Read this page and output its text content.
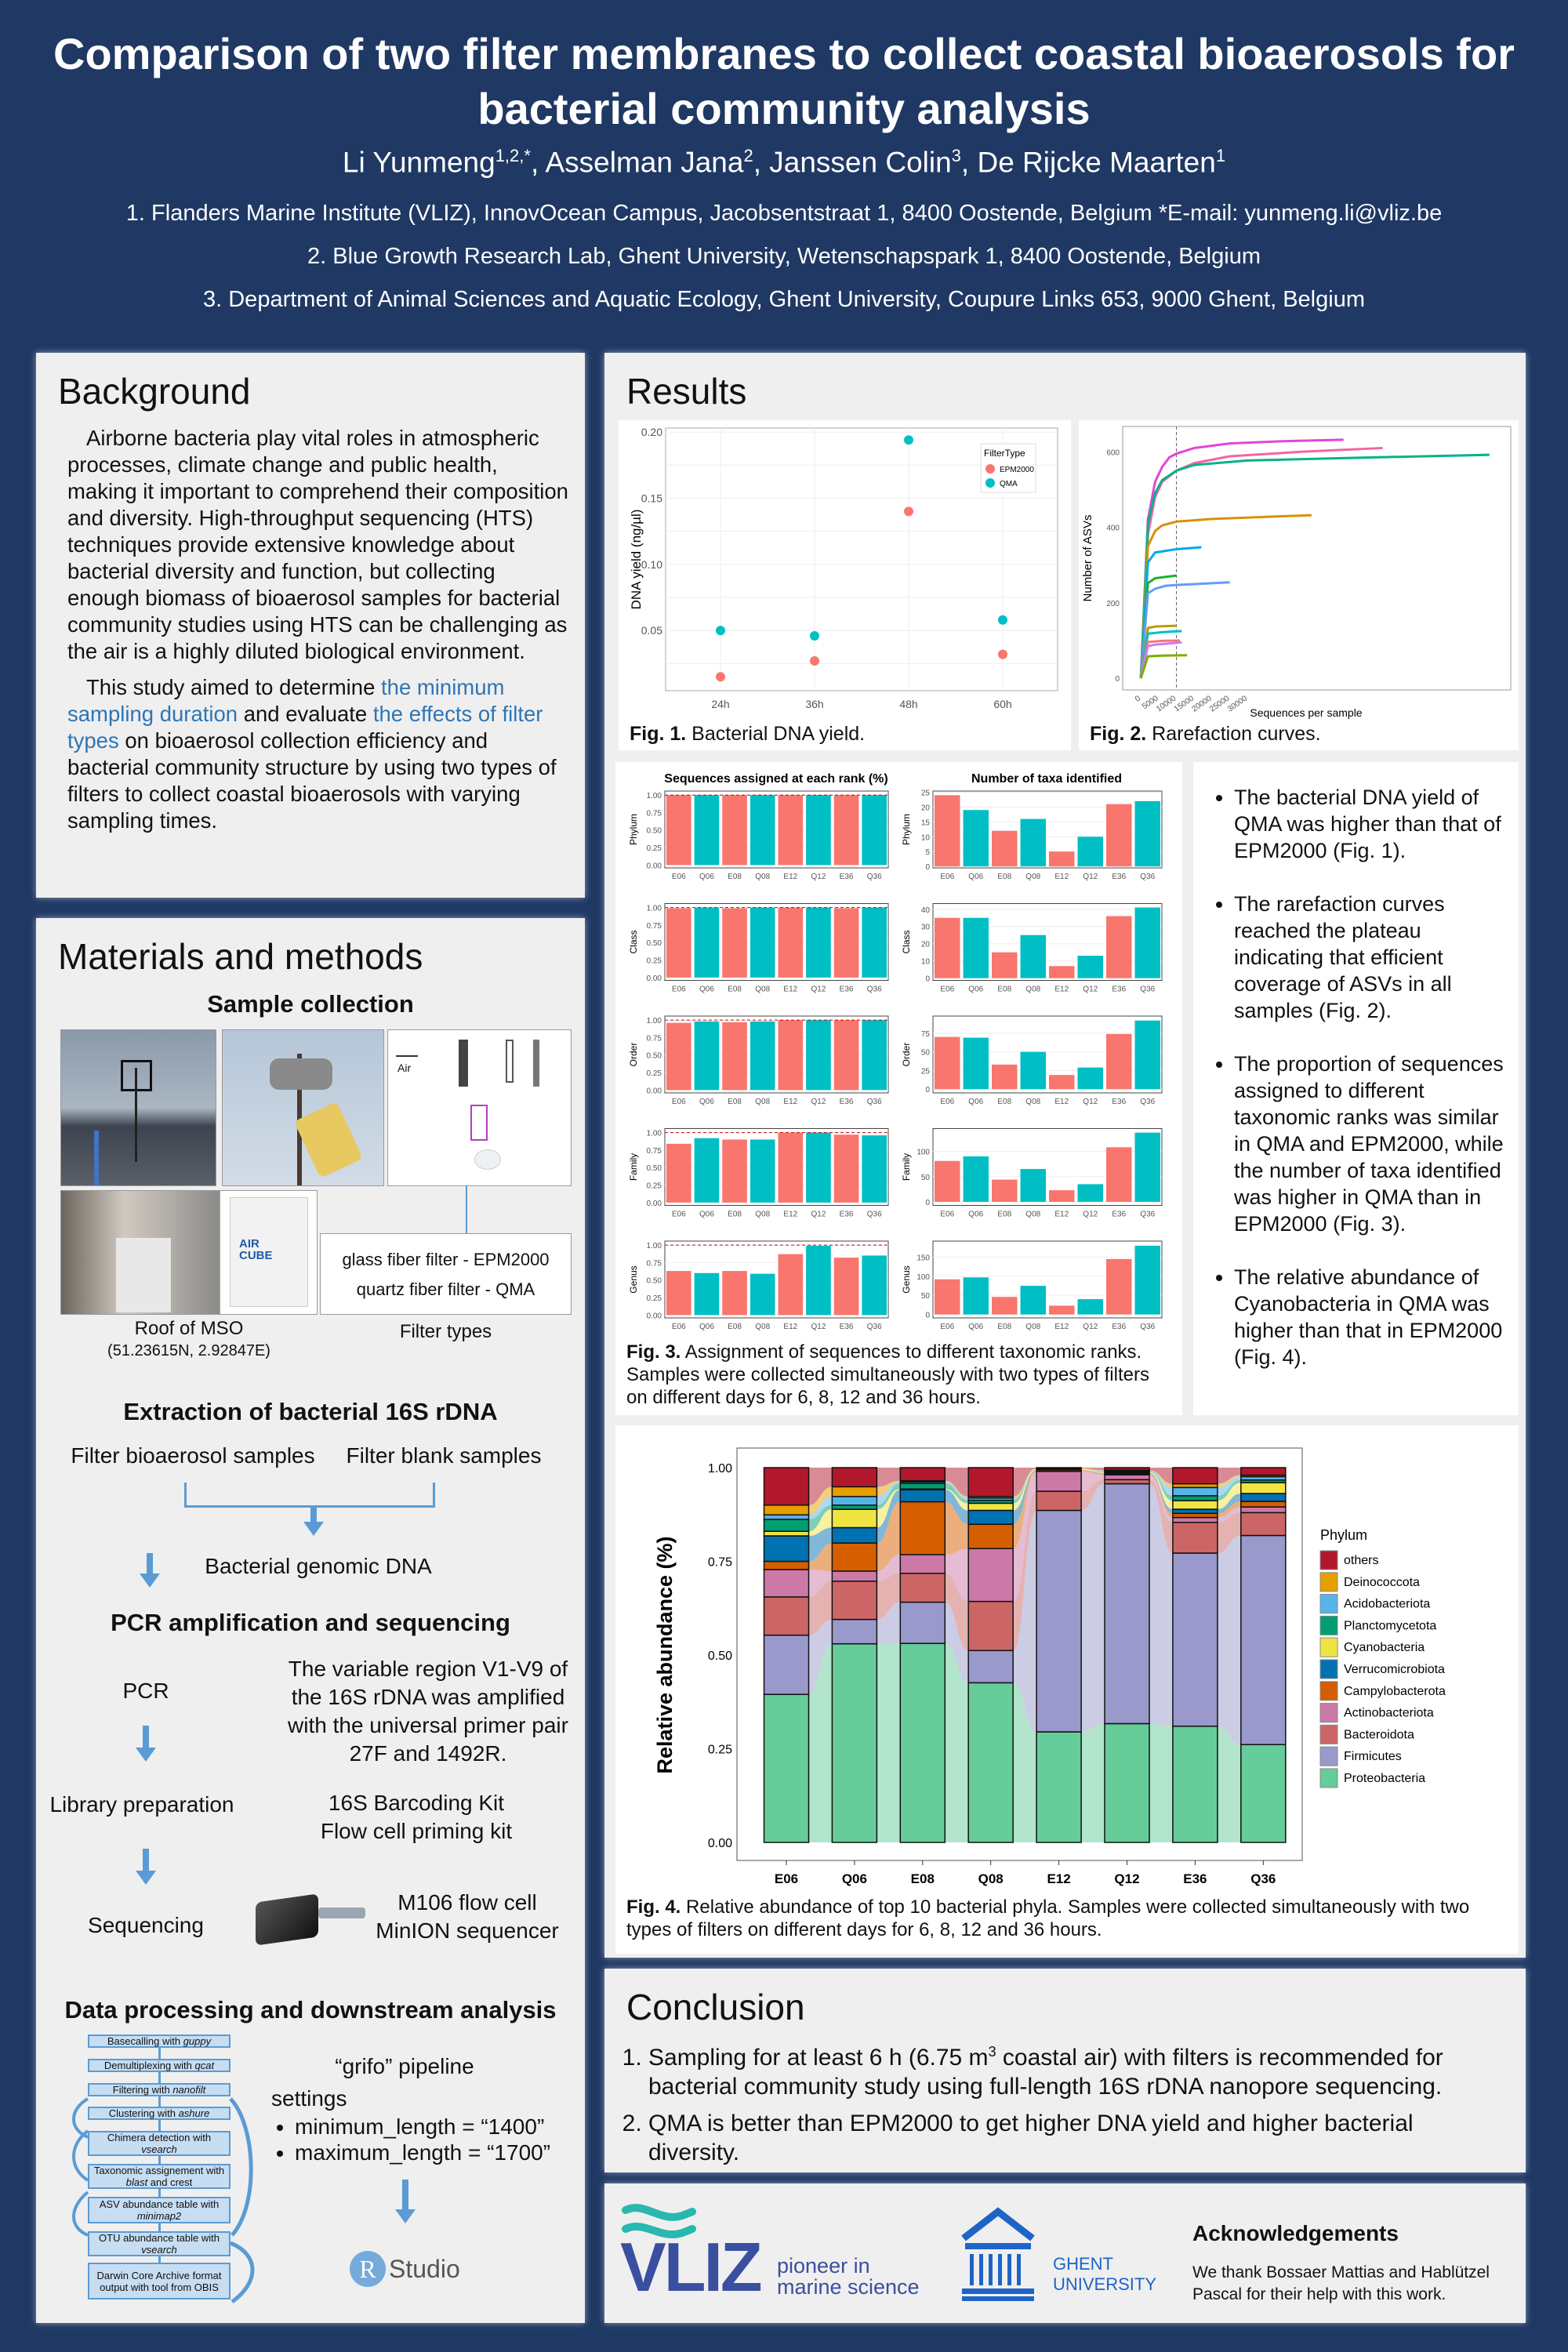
Comparison of two filter membranes to collect coastal bioaerosols for
bacterial community analysis
Li Yunmeng$^{1,2,*}$, Asselman Jana$^2$, Janssen Colin$^3$, De Rijcke Maarten$^1$
1. Flanders Marine Institute (VLIZ), InnovOcean Campus, Jacobsentstraat 1, 8400 Oostende, Belgium *E-mail: yunmeng.li@vliz.be
2. Blue Growth Research Lab, Ghent University, Wetenschapspark 1, 8400 Oostende, Belgium
3. Department of Animal Sciences and Aquatic Ecology, Ghent University, Coupure Links 653, 9000 Ghent, Belgium
Background

Airborne bacteria play vital roles in atmospheric processes, climate change and public health, making it important to comprehend their composition and diversity. High-throughput sequencing (HTS) techniques provide extensive knowledge about bacterial diversity and function, but collecting enough biomass of bioaerosol samples for bacterial community studies using HTS can be challenging as the air is a highly diluted biological environment.

This study aimed to determine the minimum sampling duration and evaluate the effects of filter types on bioaerosol collection efficiency and bacterial community structure by using two types of filters to collect coastal bioaerosols with varying sampling times.

Materials and methods
Sample collection
Air
AIR CUBE	glass fiber filter - EPM2000
quartz fiber filter - QMA
Roof of MSO
(51.23615N, 2.92847E)
Filter types
Extraction of bacterial 16S rDNA
Filter bioaerosol samples	Filter blank samples
Bacterial genomic DNA
PCR amplification and sequencing
PCR
The variable region V1-V9 of the 16S rDNA was amplified with the universal primer pair 27F and 1492R.
Library preparation	16S Barcoding Kit
Flow cell priming kit
Sequencing
M106 flow cell
MinION sequencer
Data processing and downstream analysis
“grifo” pipeline
settings
• minimum_length = “1400”
• maximum_length = “1700”
R Studio
Basecalling with guppy
Demultiplexing with qcat
Filtering with nanofilt
Clustering with ashure
Chimera detection with vsearch
Taxonomic assignement with blast and crest
ASV abundance table with minimap2
OTU abundance table with vsearch
Darwin Core Archive format output with tool from OBIS
Results
24h	36h	48h	60h
0.05
0.10
0.15
0.20
DNA yield (ng/µl)
FilterType
EPM2000
QMA
Fig. 1. Bacterial DNA yield.
0
200
400
600
0
5000
10000
15000
20000
25000
30000 Sequences per sample
Number of ASVs
Fig. 2. Rarefaction curves.
Sequences assigned at each rank (%)	Number of taxa identified
0.00
0.25
0.50
0.75
1.00
E06 Q06 E08 Q08 E12 Q12 E36 Q36
Phylum
0
5
10
15
20
25
E06 Q06 E08 Q08 E12 Q12 E36 Q36
Phylum
0.00
0.25
0.50
0.75
1.00
E06 Q06 E08 Q08 E12 Q12 E36 Q36
Class
0
10
20
30
40
E06 Q06 E08 Q08 E12 Q12 E36 Q36
Class
0.00
0.25
0.50
0.75
1.00
E06 Q06 E08 Q08 E12 Q12 E36 Q36
Order
0
25
50
75
E06 Q06 E08 Q08 E12 Q12 E36 Q36
Order
0.00
0.25
0.50
0.75
1.00
E06 Q06 E08 Q08 E12 Q12 E36 Q36
Family
0
50
100
E06 Q06 E08 Q08 E12 Q12 E36 Q36
Family
0.00
0.25
0.50
0.75
1.00
E06 Q06 E08 Q08 E12 Q12 E36 Q36
Genus
0
50
100
150
E06 Q06 E08 Q08 E12 Q12 E36 Q36
Genus
Fig. 3. Assignment of sequences to different taxonomic ranks. Samples were collected simultaneously with two types of filters on different days for 6, 8, 12 and 36 hours.
• The bacterial DNA yield of QMA was higher than that of EPM2000 (Fig. 1).
• The rarefaction curves reached the plateau indicating that efficient coverage of ASVs in all samples (Fig. 2).
• The proportion of sequences assigned to different taxonomic ranks was similar in QMA and EPM2000, while the number of taxa identified was higher in QMA than in EPM2000 (Fig. 3).
• The relative abundance of Cyanobacteria in QMA was higher than that in EPM2000 (Fig. 4).
E06	Q06	E08	Q08	E12	Q12	E36	Q36
0.00
0.25
0.50
0.75
1.00
Relative abundance (%)
Phylum
others
Deinococcota
Acidobacteriota
Planctomycetota
Cyanobacteria
Verrucomicrobiota
Campylobacterota
Actinobacteriota
Bacteroidota
Firmicutes
Proteobacteria
Fig. 4. Relative abundance of top 10 bacterial phyla. Samples were collected simultaneously with two types of filters on different days for 6, 8, 12 and 36 hours.
Conclusion
1. Sampling for at least 6 h (6.75 $m^3$ coastal air) with filters is recommended for bacterial community study using full-length 16S rDNA nanopore sequencing.
2. QMA is better than EPM2000 to get higher DNA yield and higher bacterial diversity.
VLIZ pioneer in
marine science
GHENT
UNIVERSITY
Acknowledgements
We thank Bossaer Mattias and Hablützel Pascal for their help with this work.
